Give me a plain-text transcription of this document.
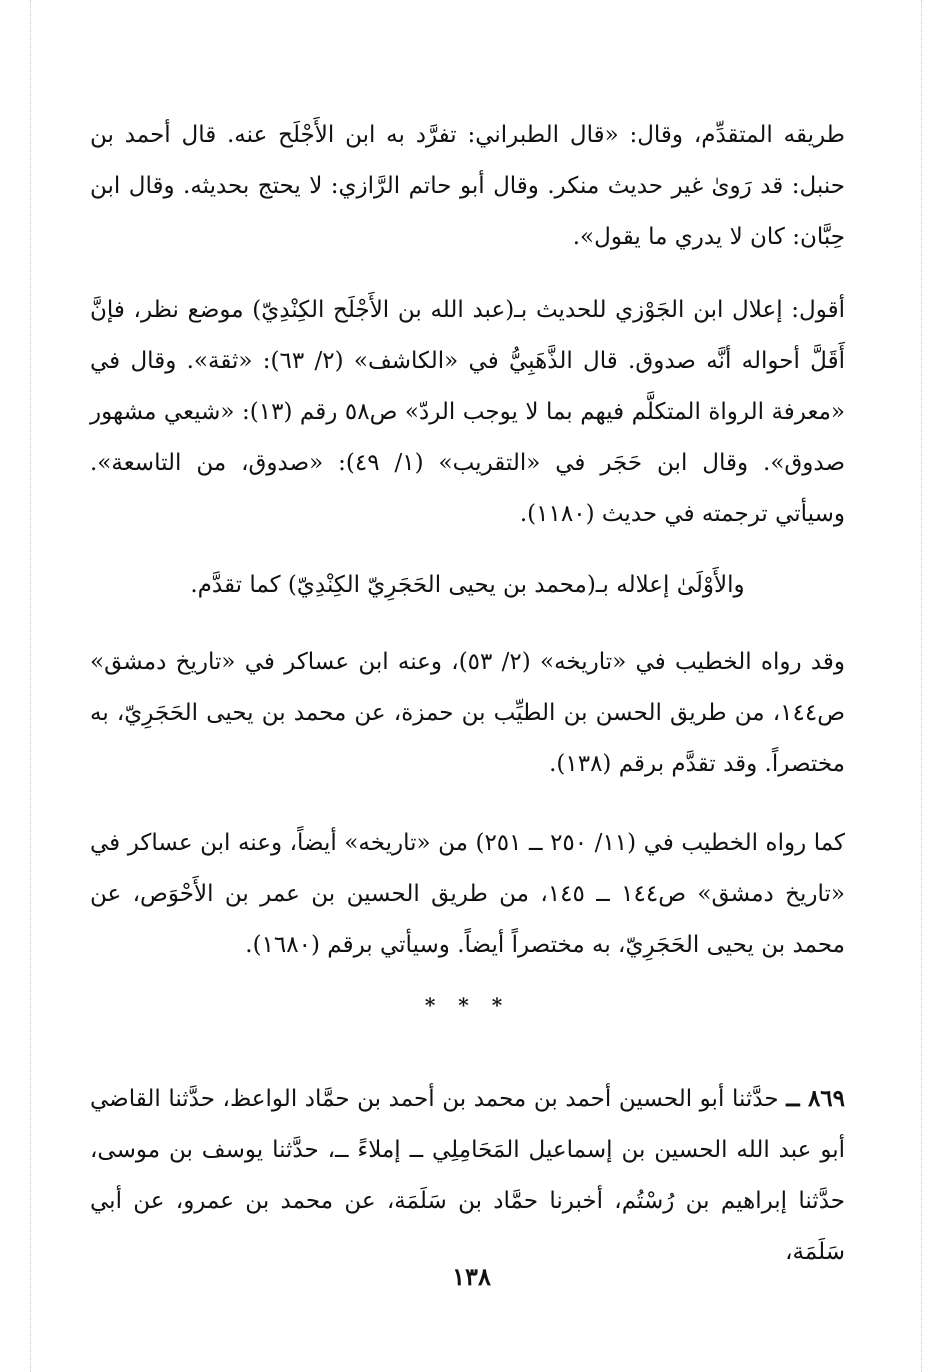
طريقه المتقدِّم، وقال: «قال الطبراني: تفرَّد به ابن الأَجْلَح عنه. قال أحمد بن حنبل: قد رَوىٰ غير حديث منكر. وقال أبو حاتم الرَّازي: لا يحتج بحديثه. وقال ابن حِبَّان: كان لا يدري ما يقول».

أقول: إعلال ابن الجَوْزي للحديث بـ(عبد الله بن الأَجْلَح الكِنْدِيّ) موضع نظر، فإنَّ أَقَلَّ أحواله أنَّه صدوق. قال الذَّهَبِيُّ في «الكاشف» (٢/ ٦٣): «ثقة». وقال في «معرفة الرواة المتكلَّم فيهم بما لا يوجب الردّ» ص٥٨ رقم (١٣): «شيعي مشهور صدوق». وقال ابن حَجَر في «التقريب» (١/ ٤٩): «صدوق، من التاسعة». وسيأتي ترجمته في حديث (١١٨٠).

والأَوْلَىٰ إعلاله بـ(محمد بن يحيى الحَجَرِيّ الكِنْدِيّ) كما تقدَّم.

وقد رواه الخطيب في «تاريخه» (٢/ ٥٣)، وعنه ابن عساكر في «تاريخ دمشق» ص١٤٤، من طريق الحسن بن الطيِّب بن حمزة، عن محمد بن يحيى الحَجَرِيّ، به مختصراً. وقد تقدَّم برقم (١٣٨).

كما رواه الخطيب في (١١/ ٢٥٠ ــ ٢٥١) من «تاريخه» أيضاً، وعنه ابن عساكر في «تاريخ دمشق» ص١٤٤ ــ ١٤٥، من طريق الحسين بن عمر بن الأَحْوَص، عن محمد بن يحيى الحَجَرِيّ، به مختصراً أيضاً. وسيأتي برقم (١٦٨٠).

* * *

٨٦٩ ــ حدَّثنا أبو الحسين أحمد بن محمد بن أحمد بن حمَّاد الواعظ، حدَّثنا القاضي أبو عبد الله الحسين بن إسماعيل المَحَامِلِي ــ إملاءً ــ، حدَّثنا يوسف بن موسى، حدَّثنا إبراهيم بن رُسْتُم، أخبرنا حمَّاد بن سَلَمَة، عن محمد بن عمرو، عن أبي سَلَمَة،

١٣٨
